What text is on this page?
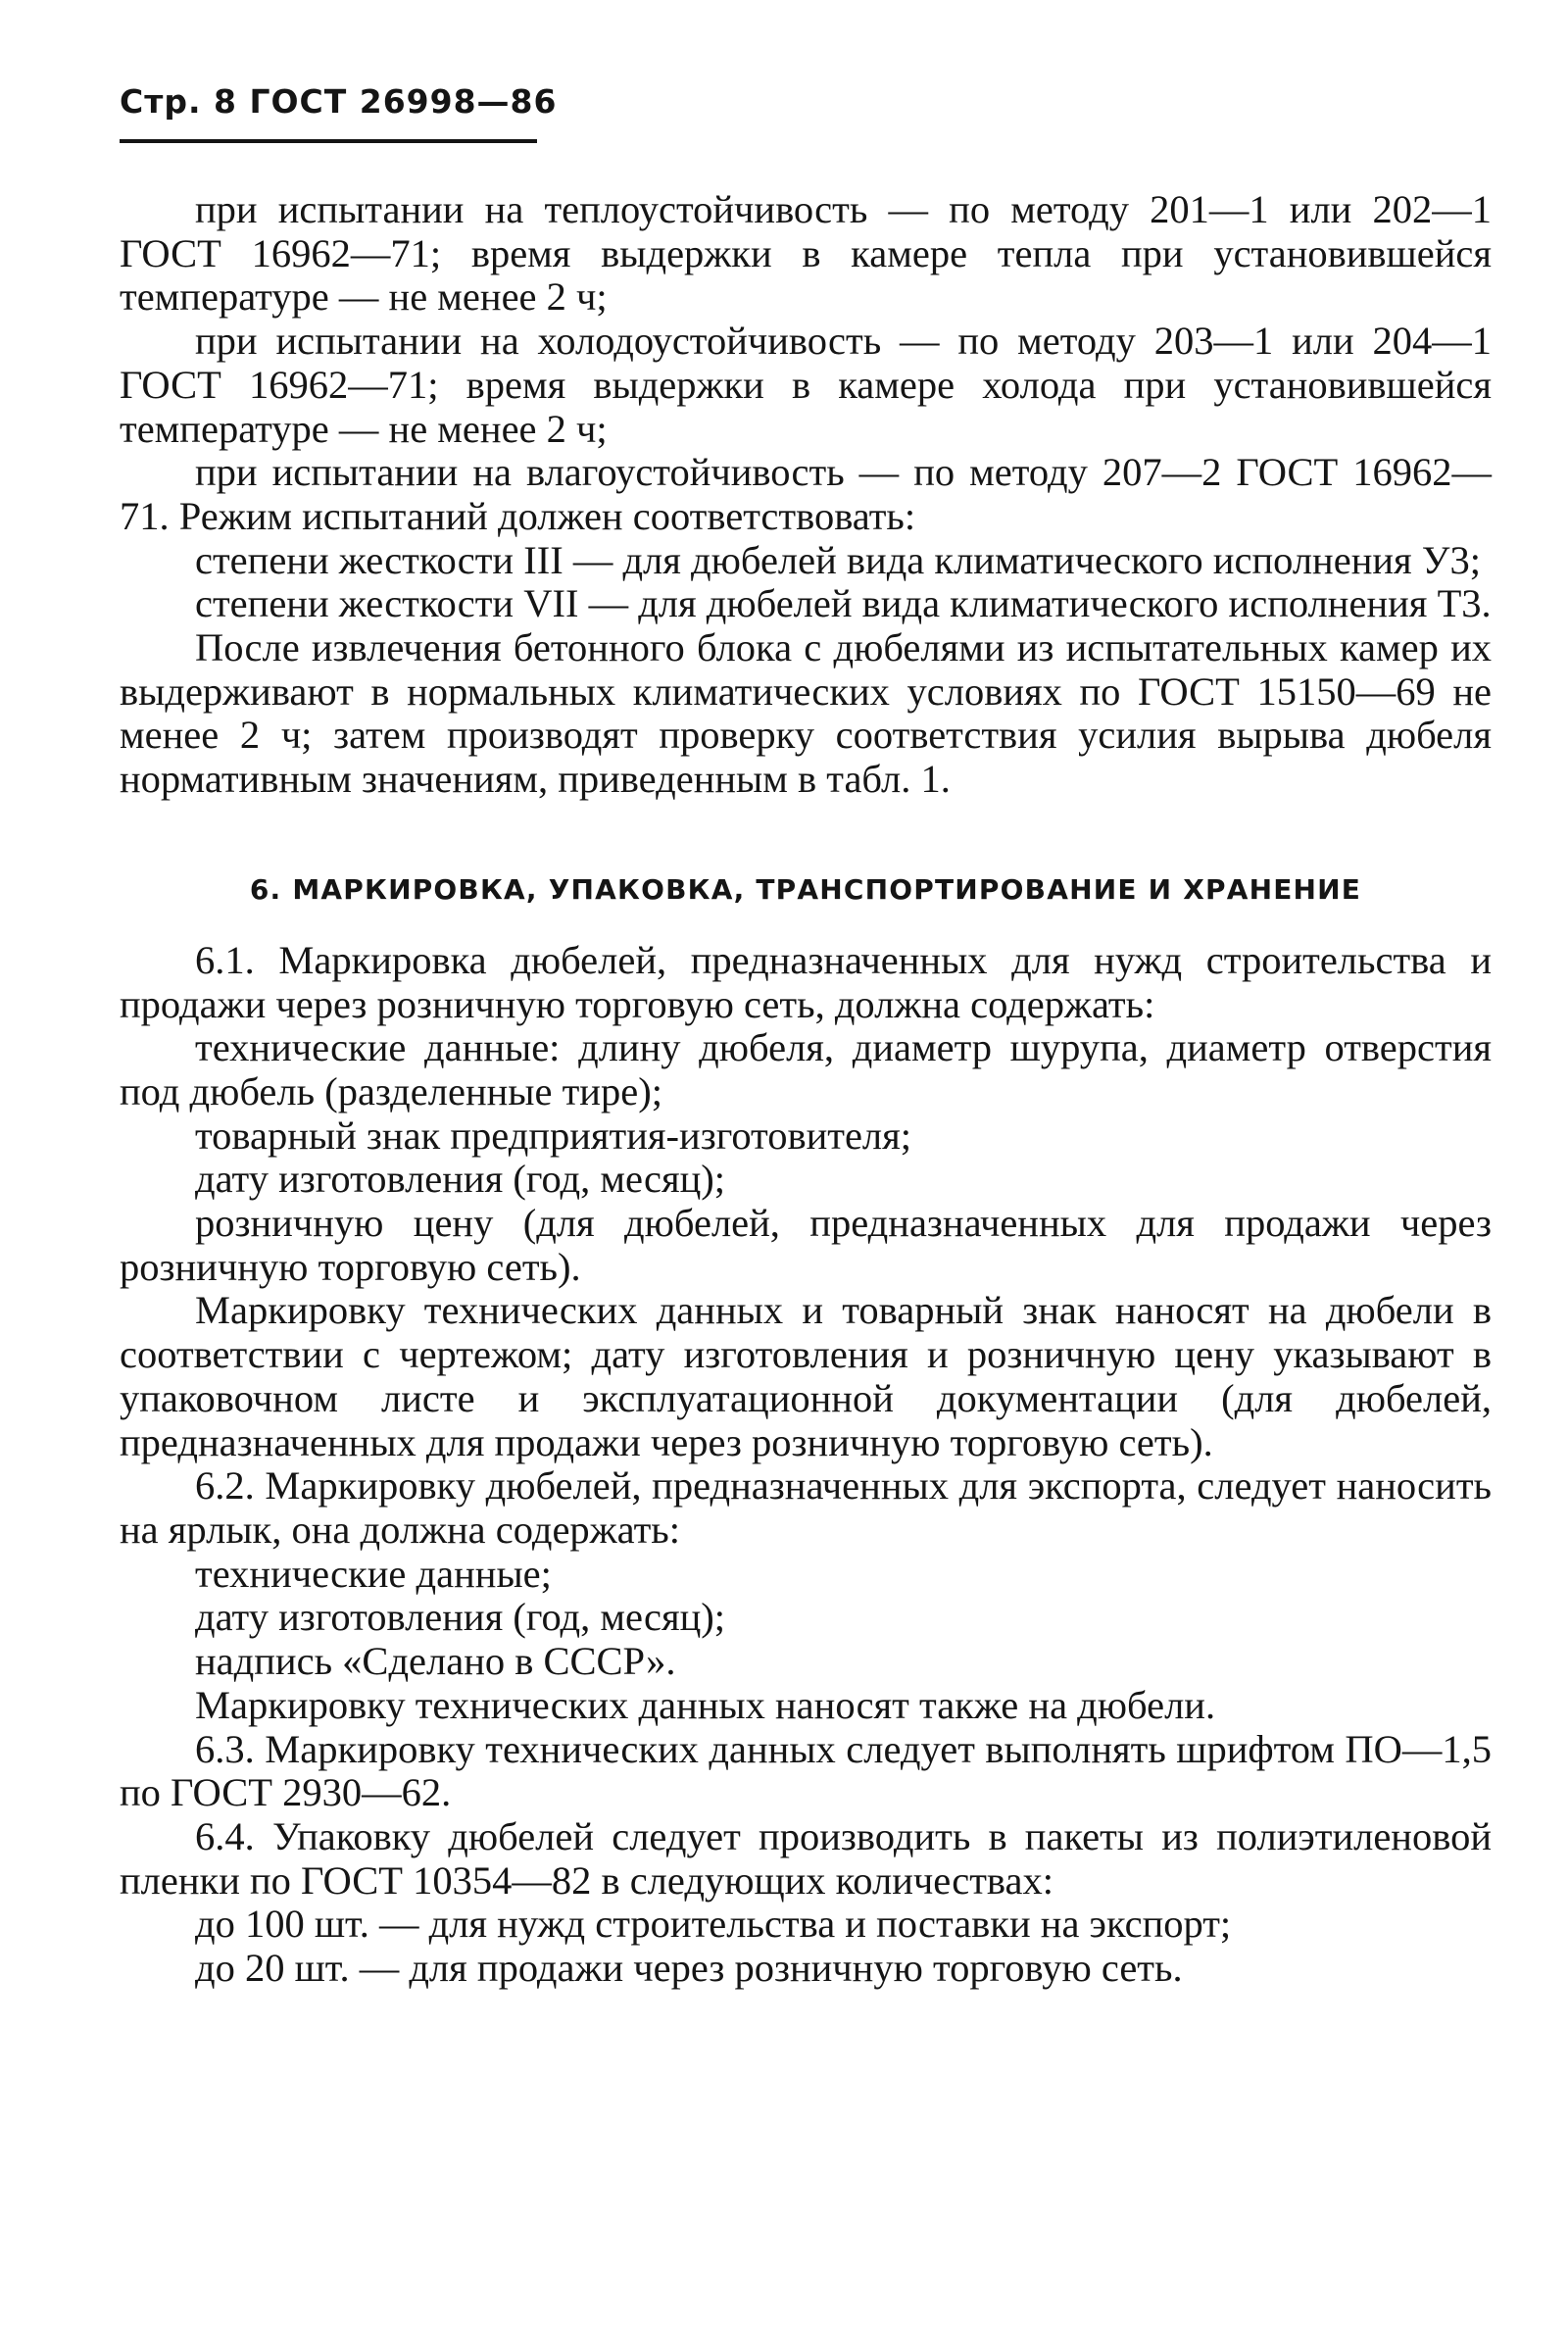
Стр. 8 ГОСТ 26998—86

при испытании на теплоустойчивость — по методу 201—1 или 202—1 ГОСТ 16962—71; время выдержки в камере тепла при установившейся температуре — не менее 2 ч;

при испытании на холодоустойчивость — по методу 203—1 или 204—1 ГОСТ 16962—71; время выдержки в камере холода при установившейся температуре — не менее 2 ч;

при испытании на влагоустойчивость — по методу 207—2 ГОСТ 16962—71. Режим испытаний должен соответствовать:

степени жесткости III — для дюбелей вида климатического исполнения У3;

степени жесткости VII — для дюбелей вида климатического исполнения Т3.

После извлечения бетонного блока с дюбелями из испытательных камер их выдерживают в нормальных климатических условиях по ГОСТ 15150—69 не менее 2 ч; затем производят проверку соответствия усилия вырыва дюбеля нормативным значениям, приведенным в табл. 1.

6. МАРКИРОВКА, УПАКОВКА, ТРАНСПОРТИРОВАНИЕ И ХРАНЕНИЕ

6.1. Маркировка дюбелей, предназначенных для нужд строительства и продажи через розничную торговую сеть, должна содержать:

технические данные: длину дюбеля, диаметр шурупа, диаметр отверстия под дюбель (разделенные тире);

товарный знак предприятия-изготовителя;

дату изготовления (год, месяц);

розничную цену (для дюбелей, предназначенных для продажи через розничную торговую сеть).

Маркировку технических данных и товарный знак наносят на дюбели в соответствии с чертежом; дату изготовления и розничную цену указывают в упаковочном листе и эксплуатационной документации (для дюбелей, предназначенных для продажи через розничную торговую сеть).

6.2. Маркировку дюбелей, предназначенных для экспорта, следует наносить на ярлык, она должна содержать:

технические данные;

дату изготовления (год, месяц);

надпись «Сделано в СССР».

Маркировку технических данных наносят также на дюбели.

6.3. Маркировку технических данных следует выполнять шрифтом ПО—1,5 по ГОСТ 2930—62.

6.4. Упаковку дюбелей следует производить в пакеты из полиэтиленовой пленки по ГОСТ 10354—82 в следующих количествах:

до 100 шт. — для нужд строительства и поставки на экспорт;

до 20 шт. — для продажи через розничную торговую сеть.
